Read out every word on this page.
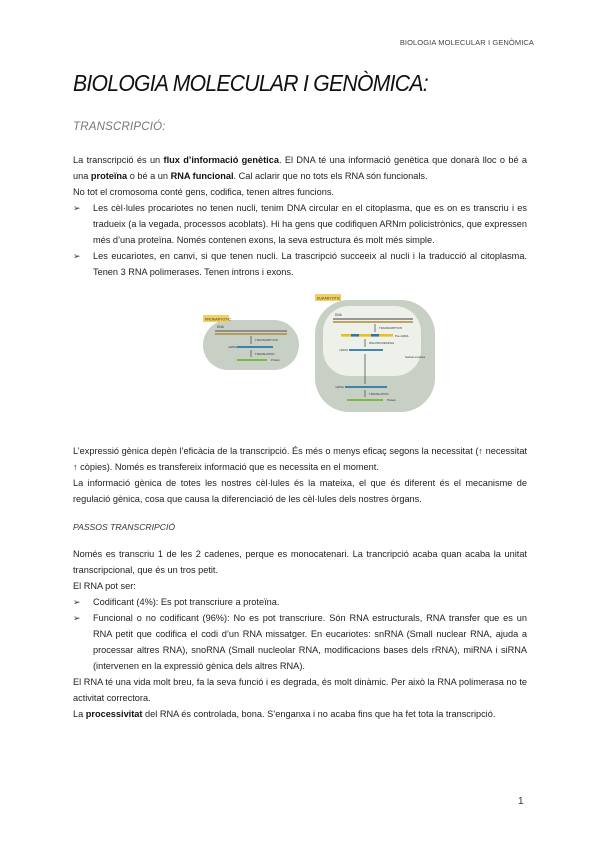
BIOLOGIA MOLECULAR I GENÒMICA
BIOLOGIA MOLECULAR I GENÒMICA:
TRANSCRIPCIÓ:

La transcripció és un flux d’informació genètica. El DNA té una informació genètica que donarà lloc o bé a una proteïna o bé a un RNA funcional. Cal aclarir que no tots els RNA són funcionals.

No tot el cromosoma conté gens, codifica, tenen altres funcions.

➢ Les cèl·lules procariotes no tenen nucli, tenim DNA circular en el citoplasma, que es on es transcriu i es tradueix (a la vegada, processos acoblats). Hi ha gens que codifiquen ARNm policistrònics, que expressen més d’una proteïna. Només contenen exons, la seva estructura és molt més simple.

➢ Les eucariotes, en canvi, si que tenen nucli. La trascripció succeeix al nucli i la traducció al citoplasma. Tenen 3 RNA polimerases. Tenen introns i exons.

PROKARYOTIC
DNA
TRANSCRIPTION
mRNA
TRANSLATION
Protein
EUKARYOTIC
DNA
TRANSCRIPTION
Pre-mRNA
RNA PROCESSING
mRNA
Nuclear envelope
mRNA
TRANSLATION
Protein

L’expressió gènica depèn l’eficàcia de la transcripció. És més o menys eficaç segons la necessitat (↑ necessitat ↑ còpies). Només es transfereix informació que es necessita en el moment.

La informació gènica de totes les nostres cèl·lules és la mateixa, el que és diferent és el mecanisme de regulació gènica, cosa que causa la diferenciació de les cèl·lules dels nostres òrgans.

PASSOS TRANSCRIPCIÓ

Només es transcriu 1 de les 2 cadenes, perque es monocatenari. La trancripció acaba quan acaba la unitat transcripcional, que és un tros petit.

El RNA pot ser:

➢ Codificant (4%): Es pot transcriure a proteïna.

➢ Funcional o no codificant (96%): No es pot transcriure. Són RNA estructurals, RNA transfer que es un RNA petit que codifica el codi d’un RNA missatger. En eucariotes: snRNA (Small nuclear RNA, ajuda a processar altres RNA), snoRNA (Small nucleolar RNA, modificacions bases dels rRNA), miRNA i siRNA (intervenen en la expressió gènica dels altres RNA).

El RNA té una vida molt breu, fa la seva funció i es degrada, és molt dinàmic. Per això la RNA polimerasa no te activitat correctora.

La processivitat del RNA és controlada, bona. S’enganxa i no acaba fins que ha fet tota la transcripció.

1
